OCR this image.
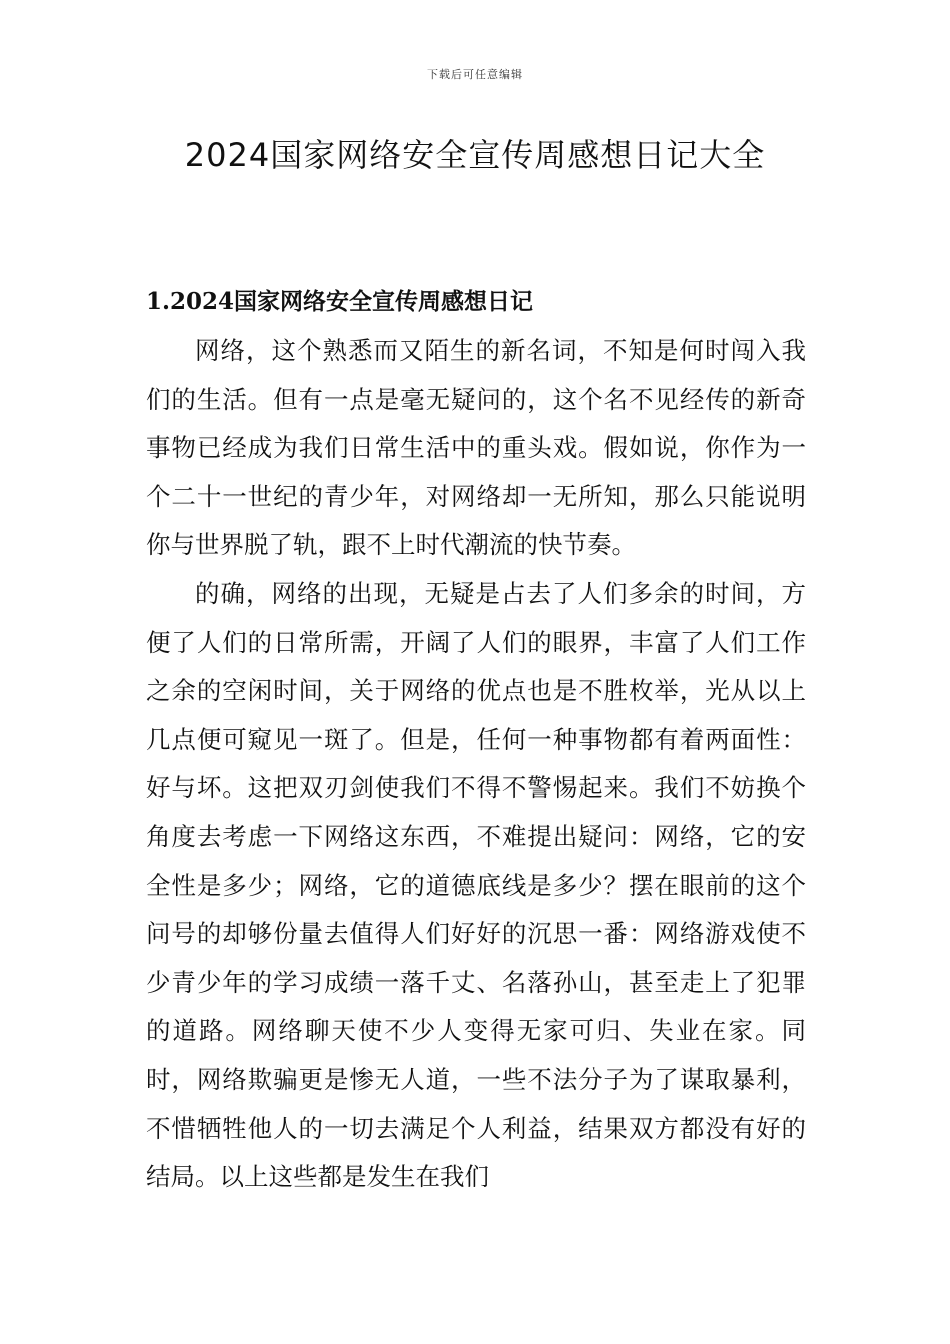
下载后可任意编辑
2024国家网络安全宣传周感想日记大全
1.2024国家网络安全宣传周感想日记

网络，这个熟悉而又陌生的新名词，不知是何时闯入我们的生活。但有一点是毫无疑问的，这个名不见经传的新奇事物已经成为我们日常生活中的重头戏。假如说，你作为一个二十一世纪的青少年，对网络却一无所知，那么只能说明你与世界脱了轨，跟不上时代潮流的快节奏。

的确，网络的出现，无疑是占去了人们多余的时间，方便了人们的日常所需，开阔了人们的眼界，丰富了人们工作之余的空闲时间，关于网络的优点也是不胜枚举，光从以上几点便可窥见一斑了。但是，任何一种事物都有着两面性：好与坏。这把双刃剑使我们不得不警惕起来。我们不妨换个角度去考虑一下网络这东西，不难提出疑问：网络，它的安全性是多少；网络，它的道德底线是多少？摆在眼前的这个问号的却够份量去值得人们好好的沉思一番：网络游戏使不少青少年的学习成绩一落千丈、名落孙山，甚至走上了犯罪的道路。网络聊天使不少人变得无家可归、失业在家。同时，网络欺骗更是惨无人道，一些不法分子为了谋取暴利，不惜牺牲他人的一切去满足个人利益，结果双方都没有好的结局。以上这些都是发生在我们
